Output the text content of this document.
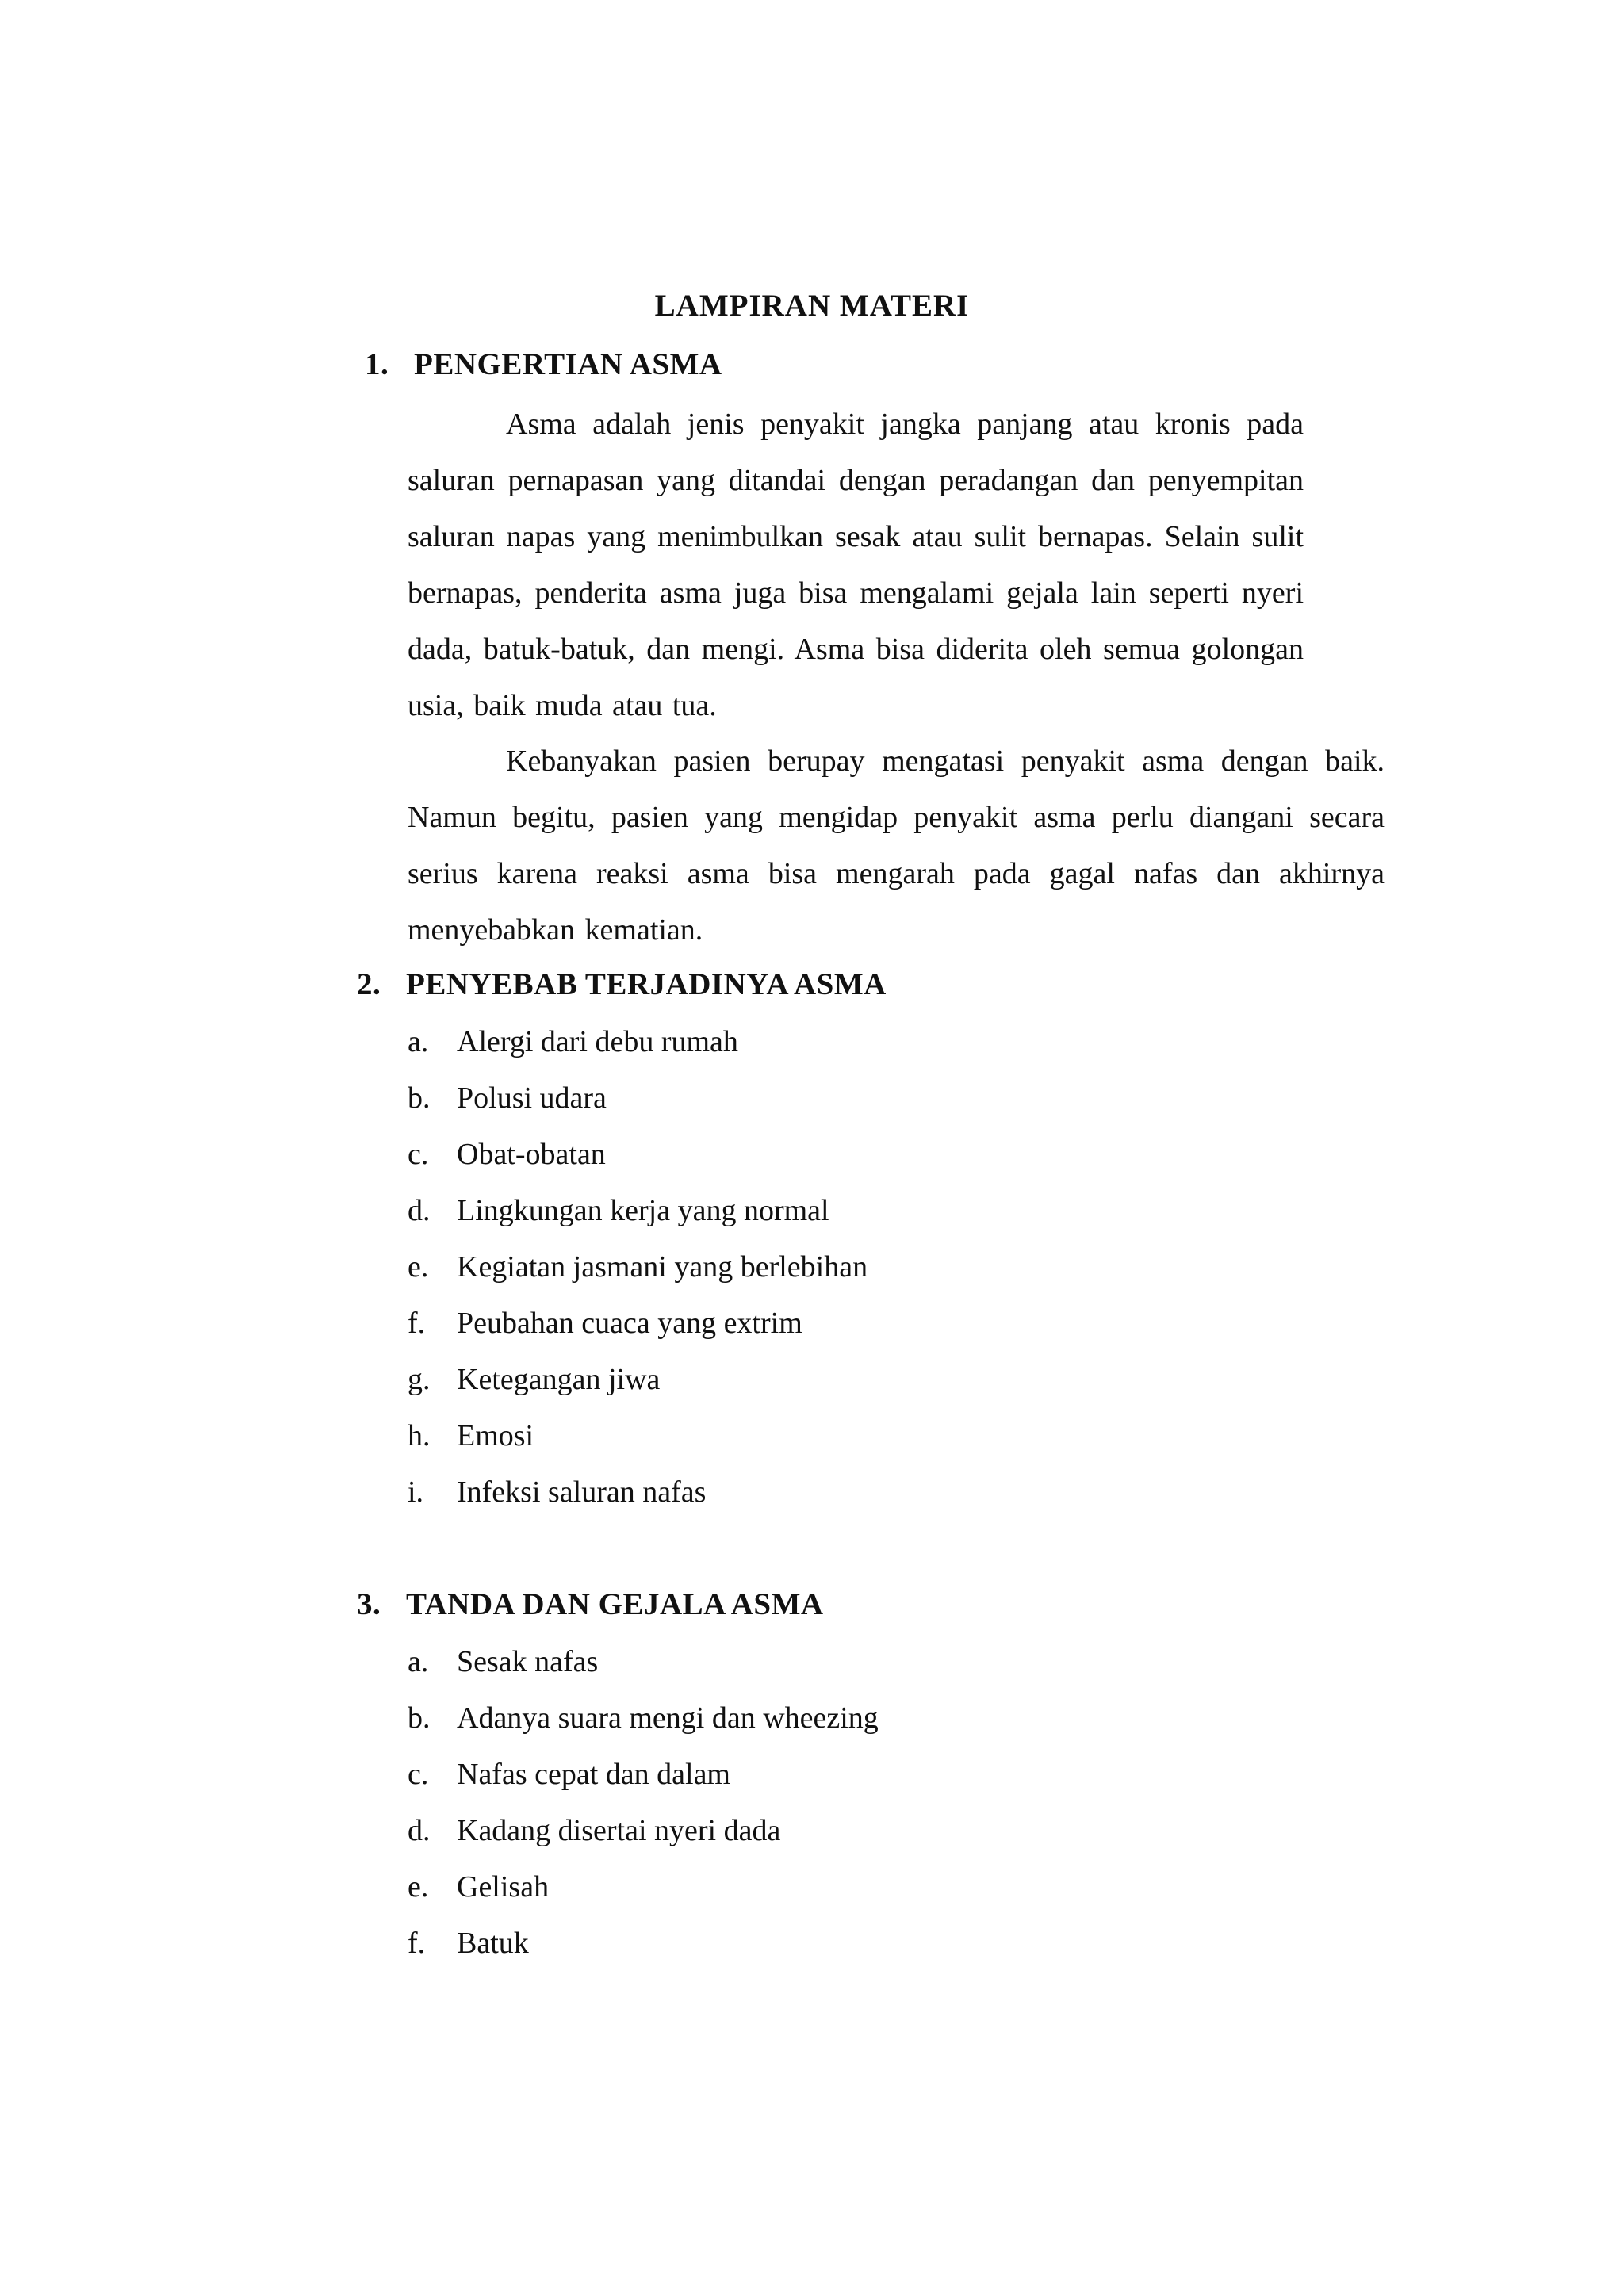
LAMPIRAN MATERI
1. PENGERTIAN ASMA

Asma adalah jenis penyakit jangka panjang atau kronis pada saluran pernapasan yang ditandai dengan peradangan dan penyempitan saluran napas yang menimbulkan sesak atau sulit bernapas. Selain sulit bernapas, penderita asma juga bisa mengalami gejala lain seperti nyeri dada, batuk-batuk, dan mengi. Asma bisa diderita oleh semua golongan usia, baik muda atau tua.

Kebanyakan pasien berupay mengatasi penyakit asma dengan baik. Namun begitu, pasien yang mengidap penyakit asma perlu diangani secara serius karena reaksi asma bisa mengarah pada gagal nafas dan akhirnya menyebabkan kematian.

2. PENYEBAB TERJADINYA ASMA
a. Alergi dari debu rumah
b. Polusi udara
c. Obat-obatan
d. Lingkungan kerja yang normal
e. Kegiatan jasmani yang berlebihan
f. Peubahan cuaca yang extrim
g. Ketegangan jiwa
h. Emosi
i. Infeksi saluran nafas
3. TANDA DAN GEJALA ASMA
a. Sesak nafas
b. Adanya suara mengi dan wheezing
c. Nafas cepat dan dalam
d. Kadang disertai nyeri dada
e. Gelisah
f. Batuk
